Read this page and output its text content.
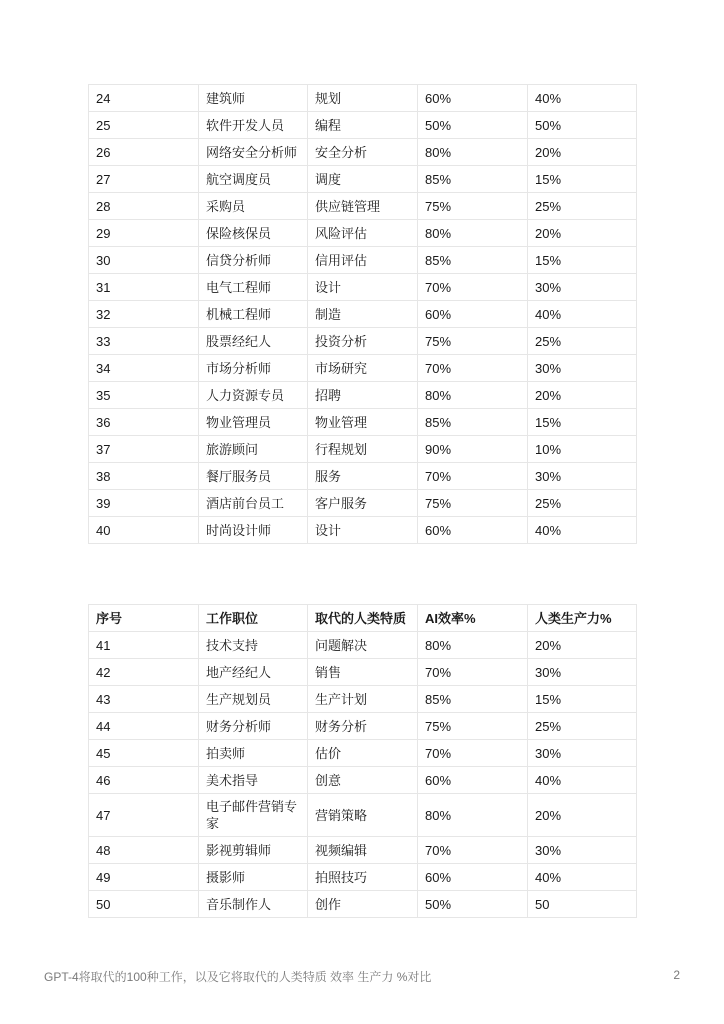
24	建筑师	规划	60%	40%
25	软件开发人员	编程	50%	50%
26	网络安全分析师	安全分析	80%	20%
27	航空调度员	调度	85%	15%
28	采购员	供应链管理	75%	25%
29	保险核保员	风险评估	80%	20%
30	信贷分析师	信用评估	85%	15%
31	电气工程师	设计	70%	30%
32	机械工程师	制造	60%	40%
33	股票经纪人	投资分析	75%	25%
34	市场分析师	市场研究	70%	30%
35	人力资源专员	招聘	80%	20%
36	物业管理员	物业管理	85%	15%
37	旅游顾问	行程规划	90%	10%
38	餐厅服务员	服务	70%	30%
39	酒店前台员工	客户服务	75%	25%
40	时尚设计师	设计	60%	40%
序号	工作职位	取代的人类特质	AI效率%	人类生产力%
41	技术支持	问题解决	80%	20%
42	地产经纪人	销售	70%	30%
43	生产规划员	生产计划	85%	15%
44	财务分析师	财务分析	75%	25%
45	拍卖师	估价	70%	30%
46	美术指导	创意	60%	40%
47	电子邮件营销专家	营销策略	80%	20%
48	影视剪辑师	视频编辑	70%	30%
49	摄影师	拍照技巧	60%	40%
50	音乐制作人	创作	50%	50
GPT-4将取代的100种工作，以及它将取代的人类特质 效率 生产力 %对比	2
